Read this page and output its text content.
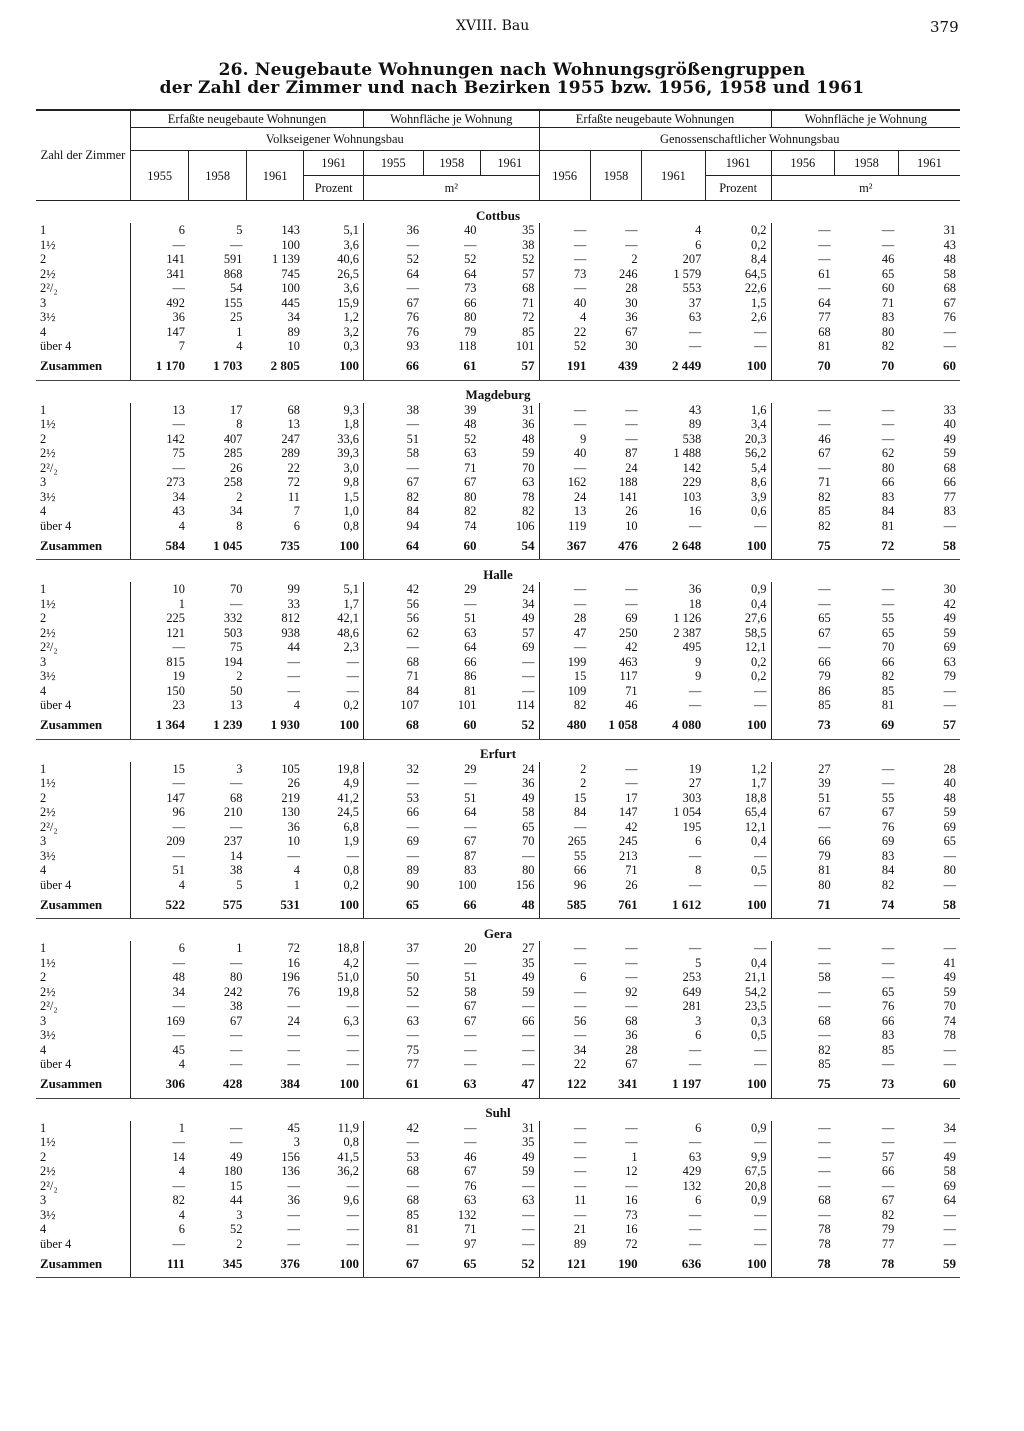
XVIII. Bau	379
26. Neugebaute Wohnungen nach Wohnungsgrößengruppen
der Zahl der Zimmer und nach Bezirken 1955 bzw. 1956, 1958 und 1961
Zahl der Zimmer	Erfaßte neugebaute Wohnungen				Wohnfläche je Wohnung			Erfaßte neugebaute Wohnungen				Wohnfläche je Wohnung		
	Volkseigener Wohnungsbau							Genossenschaftlicher Wohnungsbau						
	1955	1958	1961	1961	1955	1958	1961	1956	1958	1961	1961	1956	1958	1961
				Prozent	m²						Prozent	m²		
Cottbus														
1	6	5	143	5,1	36	40	35	—	—	4	0,2	—	—	31
1½	—	—	100	3,6	—	—	38	—	—	6	0,2	—	—	43
2	141	591	1 139	40,6	52	52	52	—	2	207	8,4	—	46	48
2½	341	868	745	26,5	64	64	57	73	246	1 579	64,5	61	65	58
2²/₂	—	54	100	3,6	—	73	68	—	28	553	22,6	—	60	68
3	492	155	445	15,9	67	66	71	40	30	37	1,5	64	71	67
3½	36	25	34	1,2	76	80	72	4	36	63	2,6	77	83	76
4	147	1	89	3,2	76	79	85	22	67	—	—	68	80	—
über 4	7	4	10	0,3	93	118	101	52	30	—	—	81	82	—
Zusammen	1 170	1 703	2 805	100	66	61	57	191	439	2 449	100	70	70	60
Magdeburg														
1	13	17	68	9,3	38	39	31	—	—	43	1,6	—	—	33
1½	—	8	13	1,8	—	48	36	—	—	89	3,4	—	—	40
2	142	407	247	33,6	51	52	48	9	—	538	20,3	46	—	49
2½	75	285	289	39,3	58	63	59	40	87	1 488	56,2	67	62	59
2²/₂	—	26	22	3,0	—	71	70	—	24	142	5,4	—	80	68
3	273	258	72	9,8	67	67	63	162	188	229	8,6	71	66	66
3½	34	2	11	1,5	82	80	78	24	141	103	3,9	82	83	77
4	43	34	7	1,0	84	82	82	13	26	16	0,6	85	84	83
über 4	4	8	6	0,8	94	74	106	119	10	—	—	82	81	—
Zusammen	584	1 045	735	100	64	60	54	367	476	2 648	100	75	72	58
Halle														
1	10	70	99	5,1	42	29	24	—	—	36	0,9	—	—	30
1½	1	—	33	1,7	56	—	34	—	—	18	0,4	—	—	42
2	225	332	812	42,1	56	51	49	28	69	1 126	27,6	65	55	49
2½	121	503	938	48,6	62	63	57	47	250	2 387	58,5	67	65	59
2²/₂	—	75	44	2,3	—	64	69	—	42	495	12,1	—	70	69
3	815	194	—	—	68	66	—	199	463	9	0,2	66	66	63
3½	19	2	—	—	71	86	—	15	117	9	0,2	79	82	79
4	150	50	—	—	84	81	—	109	71	—	—	86	85	—
über 4	23	13	4	0,2	107	101	114	82	46	—	—	85	81	—
Zusammen	1 364	1 239	1 930	100	68	60	52	480	1 058	4 080	100	73	69	57
Erfurt														
1	15	3	105	19,8	32	29	24	2	—	19	1,2	27	—	28
1½	—	—	26	4,9	—	—	36	2	—	27	1,7	39	—	40
2	147	68	219	41,2	53	51	49	15	17	303	18,8	51	55	48
2½	96	210	130	24,5	66	64	58	84	147	1 054	65,4	67	67	59
2²/₂	—	—	36	6,8	—	—	65	—	42	195	12,1	—	76	69
3	209	237	10	1,9	69	67	70	265	245	6	0,4	66	69	65
3½	—	14	—	—	—	87	—	55	213	—	—	79	83	—
4	51	38	4	0,8	89	83	80	66	71	8	0,5	81	84	80
über 4	4	5	1	0,2	90	100	156	96	26	—	—	80	82	—
Zusammen	522	575	531	100	65	66	48	585	761	1 612	100	71	74	58
Gera														
1	6	1	72	18,8	37	20	27	—	—	—	—	—	—	—
1½	—	—	16	4,2	—	—	35	—	—	5	0,4	—	—	41
2	48	80	196	51,0	50	51	49	6	—	253	21,1	58	—	49
2½	34	242	76	19,8	52	58	59	—	92	649	54,2	—	65	59
2²/₂	—	38	—	—	—	67	—	—	—	281	23,5	—	76	70
3	169	67	24	6,3	63	67	66	56	68	3	0,3	68	66	74
3½	—	—	—	—	—	—	—	—	36	6	0,5	—	83	78
4	45	—	—	—	75	—	—	34	28	—	—	82	85	—
über 4	4	—	—	—	77	—	—	22	67	—	—	85	—	—
Zusammen	306	428	384	100	61	63	47	122	341	1 197	100	75	73	60
Suhl														
1	1	—	45	11,9	42	—	31	—	—	6	0,9	—	—	34
1½	—	—	3	0,8	—	—	35	—	—	—	—	—	—	—
2	14	49	156	41,5	53	46	49	—	1	63	9,9	—	57	49
2½	4	180	136	36,2	68	67	59	—	12	429	67,5	—	66	58
2²/₂	—	15	—	—	—	76	—	—	—	132	20,8	—	—	69
3	82	44	36	9,6	68	63	63	11	16	6	0,9	68	67	64
3½	4	3	—	—	85	132	—	—	73	—	—	—	82	—
4	6	52	—	—	81	71	—	21	16	—	—	78	79	—
über 4	—	2	—	—	—	97	—	89	72	—	—	78	77	—
Zusammen	111	345	376	100	67	65	52	121	190	636	100	78	78	59
